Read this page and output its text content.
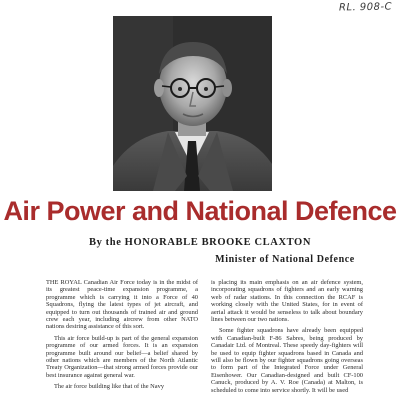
RL. 908-C
Air Power and National Defence
By the HONORABLE BROOKE CLAXTON
Minister of National Defence

THE ROYAL Canadian Air Force today is in the midst of its greatest peace-time expansion programme, a programme which is carrying it into a Force of 40 Squadrons, flying the latest types of jet aircraft, and equipped to turn out thousands of trained air and ground crew each year, including aircrew from other NATO nations desiring assistance of this sort.

This air force build-up is part of the general expansion programme of our armed forces. It is an expansion programme built around our belief—a belief shared by other nations which are members of the North Atlantic Treaty Organization—that strong armed forces provide our best insurance against general war.

The air force building like that of the Navy

is placing its main emphasis on an air defence system, incorporating squadrons of fighters and an early warning web of radar stations. In this connection the RCAF is working closely with the United States, for in event of aerial attack it would be senseless to talk about boundary lines between our two nations.

Some fighter squadrons have already been equipped with Canadian-built F-86 Sabres, being produced by Canadair Ltd. of Montreal. These speedy day-fighters will be used to equip fighter squadrons based in Canada and will also be flown by our fighter squadrons going overseas to form part of the Integrated Force under General Eisenhower. Our Canadian-designed and built CF-100 Canuck, produced by A. V. Roe (Canada) at Malton, is scheduled to come into service shortly. It will be used
